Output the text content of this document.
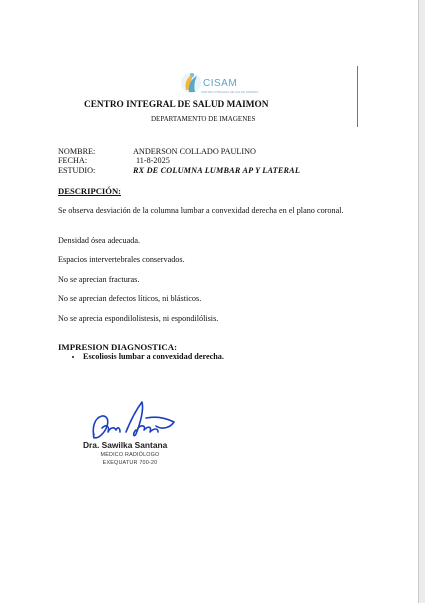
CISAM
CENTRO INTEGRAL DE SALUD MAIMON
CENTRO INTEGRAL DE SALUD MAIMON
DEPARTAMENTO DE IMAGENES
NOMBRE:	ANDERSON COLLADO PAULINO
FECHA:	11-8-2025
ESTUDIO:	RX DE COLUMNA LUMBAR AP Y LATERAL
DESCRIPCIÓN:
Se observa desviación de la columna lumbar a convexidad derecha en el plano coronal.
Densidad ósea adecuada.
Espacios intervertebrales conservados.
No se aprecian fracturas.
No se aprecian defectos líticos, ni blásticos.
No se aprecia espondilolistesis, ni espondilólisis.
IMPRESION DIAGNOSTICA:
• Escoliosis lumbar a convexidad derecha.
Dra. Sawilka Santana
MÉDICO RADIÓLOGO
EXEQUATUR 700-20
